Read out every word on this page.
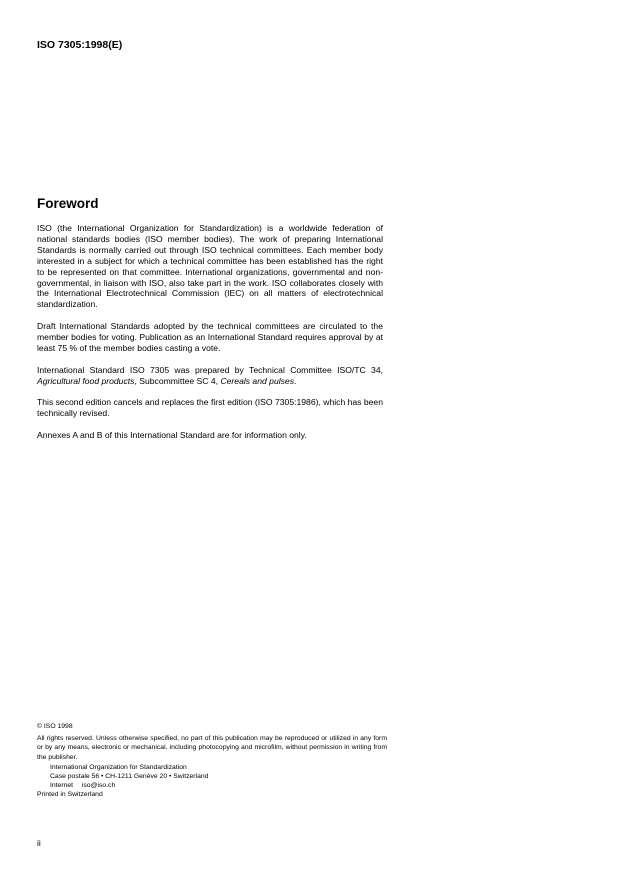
ISO 7305:1998(E)
Foreword

ISO (the International Organization for Standardization) is a worldwide federation of national standards bodies (ISO member bodies). The work of preparing International Standards is normally carried out through ISO technical committees. Each member body interested in a subject for which a technical committee has been established has the right to be represented on that committee. International organizations, governmental and non-governmental, in liaison with ISO, also take part in the work. ISO collaborates closely with the International Electrotechnical Commission (IEC) on all matters of electrotechnical standardization.

Draft International Standards adopted by the technical committees are circulated to the member bodies for voting. Publication as an International Standard requires approval by at least 75 % of the member bodies casting a vote.

International Standard ISO 7305 was prepared by Technical Committee ISO/TC 34, Agricultural food products, Subcommittee SC 4, Cereals and pulses.

This second edition cancels and replaces the first edition (ISO 7305:1986), which has been technically revised.

Annexes A and B of this International Standard are for information only.

© ISO 1998
All rights reserved. Unless otherwise specified, no part of this publication may be reproduced or utilized in any form or by any means, electronic or mechanical, including photocopying and microfilm, without permission in writing from the publisher.
International Organization for Standardization
Case postale 56 • CH-1211 Genève 20 • Switzerland
Internet iso@iso.ch
Printed in Switzerland
ii
